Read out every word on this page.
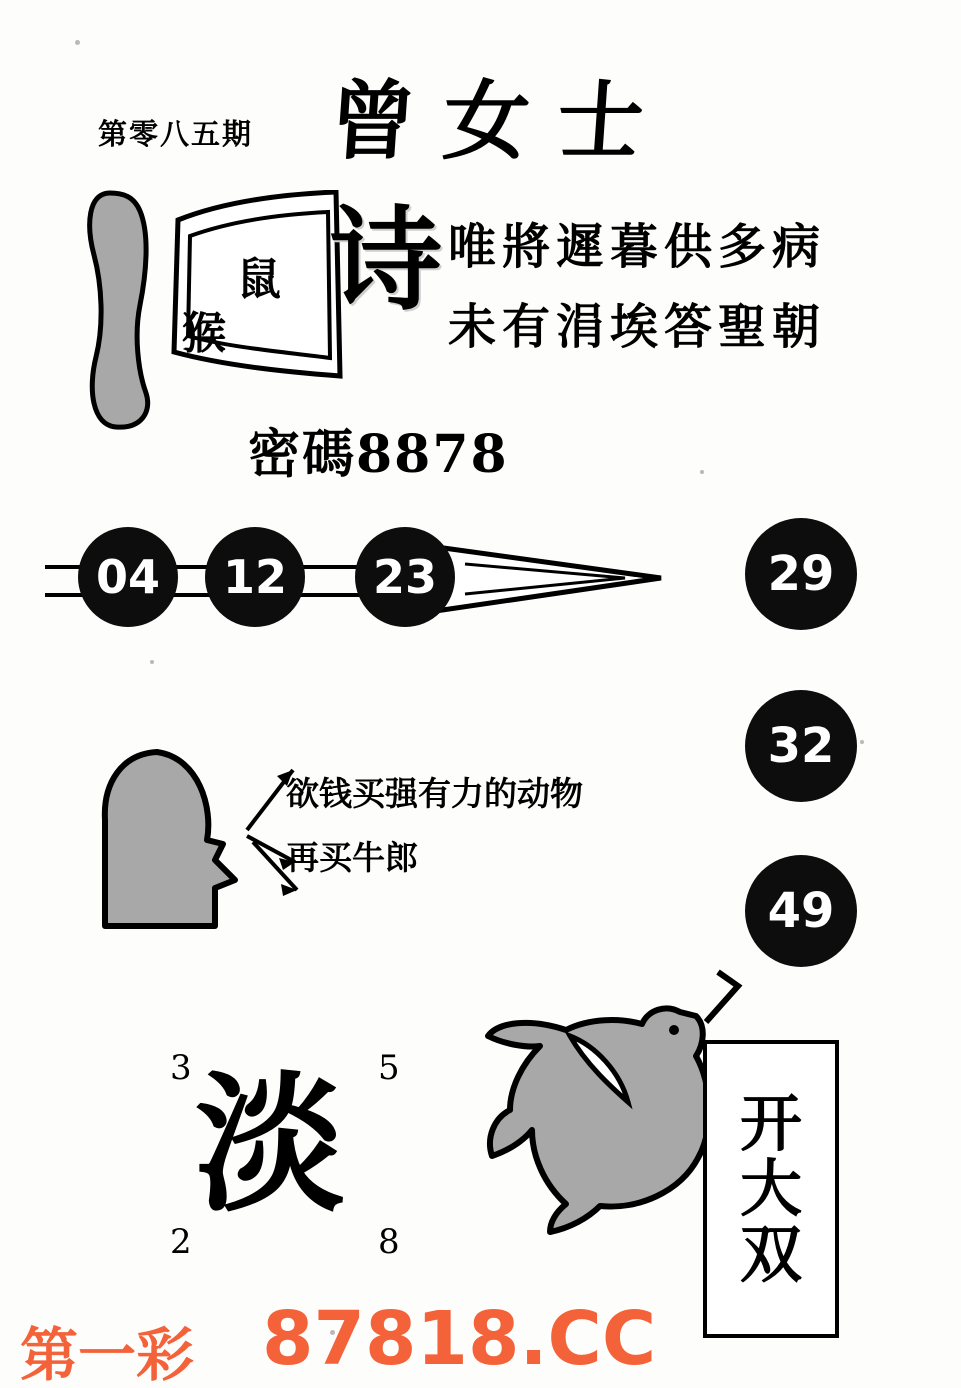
第零八五期 曾女士
鼠
猴
诗 唯將遲暮供多病
未有涓埃答聖朝
密碼8878
04	12	23	29
32
49
欲钱买强有力的动物
再买牛郎
3	5
2	8
淡	开
大
双
第一彩 87818.CC
